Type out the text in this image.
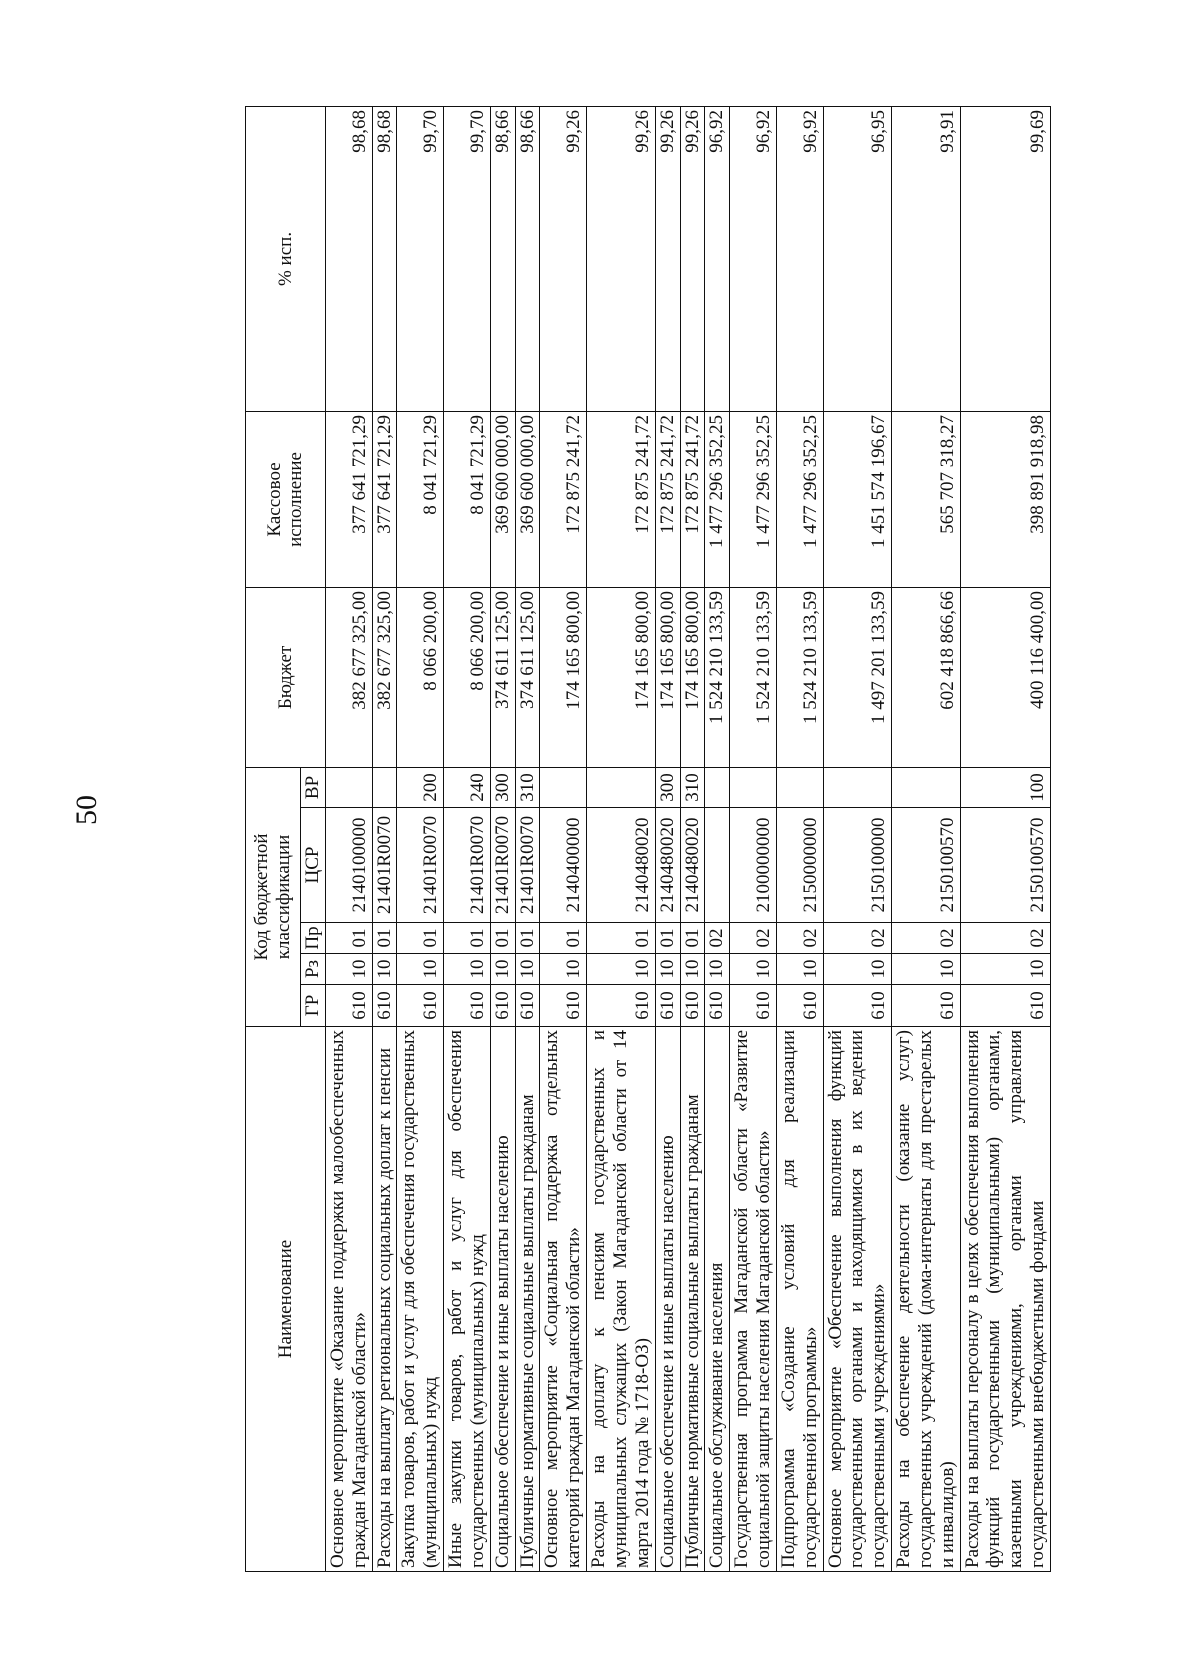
50
Наименование	Код бюджетной классификации					Бюджет	Кассовое исполнение	% исп.
	ГР	Рз	Пр	ЦСР	ВР			
Основное мероприятие «Оказание поддержки малообеспеченных граждан Магаданской области»	610	10	01	2140100000		382 677 325,00	377 641 721,29	98,68
Расходы на выплату региональных социальных доплат к пенсии	610	10	01	21401R0070		382 677 325,00	377 641 721,29	98,68
Закупка товаров, работ и услуг для обеспечения государственных (муниципальных) нужд	610	10	01	21401R0070	200	8 066 200,00	8 041 721,29	99,70
Иные закупки товаров, работ и услуг для обеспечения государственных (муниципальных) нужд	610	10	01	21401R0070	240	8 066 200,00	8 041 721,29	99,70
Социальное обеспечение и иные выплаты населению	610	10	01	21401R0070	300	374 611 125,00	369 600 000,00	98,66
Публичные нормативные социальные выплаты гражданам	610	10	01	21401R0070	310	374 611 125,00	369 600 000,00	98,66
Основное мероприятие «Социальная поддержка отдельных категорий граждан Магаданской области»	610	10	01	2140400000		174 165 800,00	172 875 241,72	99,26
Расходы на доплату к пенсиям государственных и муниципальных служащих (Закон Магаданской области от 14 марта 2014 года № 1718-ОЗ)	610	10	01	2140480020		174 165 800,00	172 875 241,72	99,26
Социальное обеспечение и иные выплаты населению	610	10	01	2140480020	300	174 165 800,00	172 875 241,72	99,26
Публичные нормативные социальные выплаты гражданам	610	10	01	2140480020	310	174 165 800,00	172 875 241,72	99,26
Социальное обслуживание населения	610	10	02			1 524 210 133,59	1 477 296 352,25	96,92
Государственная программа Магаданской области «Развитие социальной защиты населения Магаданской области»	610	10	02	2100000000		1 524 210 133,59	1 477 296 352,25	96,92
Подпрограмма «Создание условий для реализации государственной программы»	610	10	02	2150000000		1 524 210 133,59	1 477 296 352,25	96,92
Основное мероприятие «Обеспечение выполнения функций государственными органами и находящимися в их ведении государственными учреждениями»	610	10	02	2150100000		1 497 201 133,59	1 451 574 196,67	96,95
Расходы на обеспечение деятельности (оказание услуг) государственных учреждений (дома-интернаты для престарелых и инвалидов)	610	10	02	2150100570		602 418 866,66	565 707 318,27	93,91
Расходы на выплаты персоналу в целях обеспечения выполнения функций государственными (муниципальными) органами, казенными учреждениями, органами управления государственными внебюджетными фондами	610	10	02	2150100570	100	400 116 400,00	398 891 918,98	99,69
